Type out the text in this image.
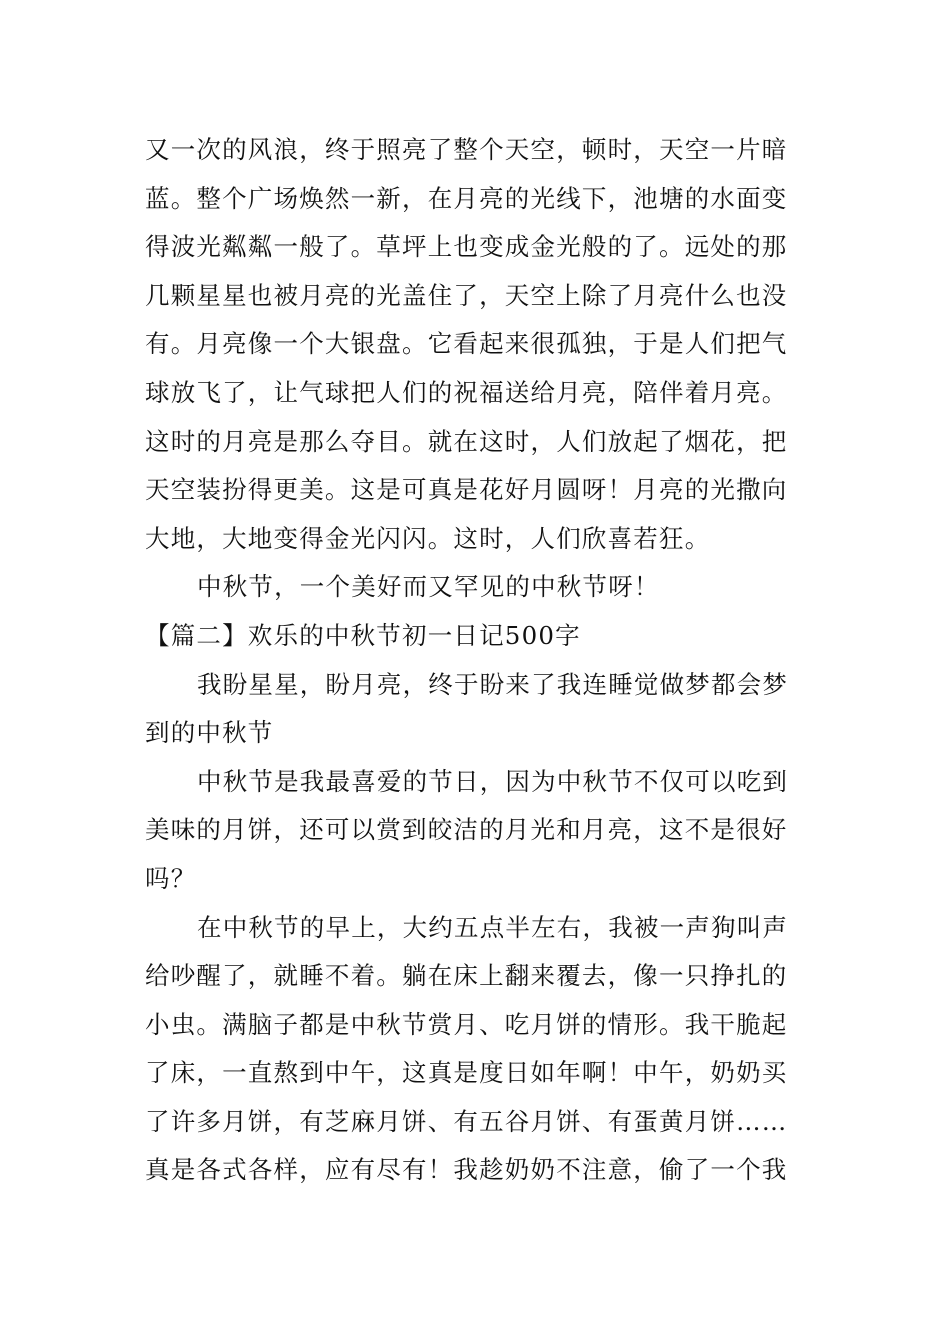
又一次的风浪，终于照亮了整个天空，顿时，天空一片暗
蓝。整个广场焕然一新，在月亮的光线下，池塘的水面变
得波光粼粼一般了。草坪上也变成金光般的了。远处的那
几颗星星也被月亮的光盖住了，天空上除了月亮什么也没
有。月亮像一个大银盘。它看起来很孤独，于是人们把气
球放飞了，让气球把人们的祝福送给月亮，陪伴着月亮。
这时的月亮是那么夺目。就在这时，人们放起了烟花，把
天空装扮得更美。这是可真是花好月圆呀！月亮的光撒向
大地，大地变得金光闪闪。这时，人们欣喜若狂。
中秋节，一个美好而又罕见的中秋节呀！
【篇二】欢乐的中秋节初一日记500字
我盼星星，盼月亮，终于盼来了我连睡觉做梦都会梦
到的中秋节
中秋节是我最喜爱的节日，因为中秋节不仅可以吃到
美味的月饼，还可以赏到皎洁的月光和月亮，这不是很好
吗？
在中秋节的早上，大约五点半左右，我被一声狗叫声
给吵醒了，就睡不着。躺在床上翻来覆去，像一只挣扎的
小虫。满脑子都是中秋节赏月、吃月饼的情形。我干脆起
了床，一直熬到中午，这真是度日如年啊！中午，奶奶买
了许多月饼，有芝麻月饼、有五谷月饼、有蛋黄月饼……
真是各式各样，应有尽有！我趁奶奶不注意，偷了一个我
